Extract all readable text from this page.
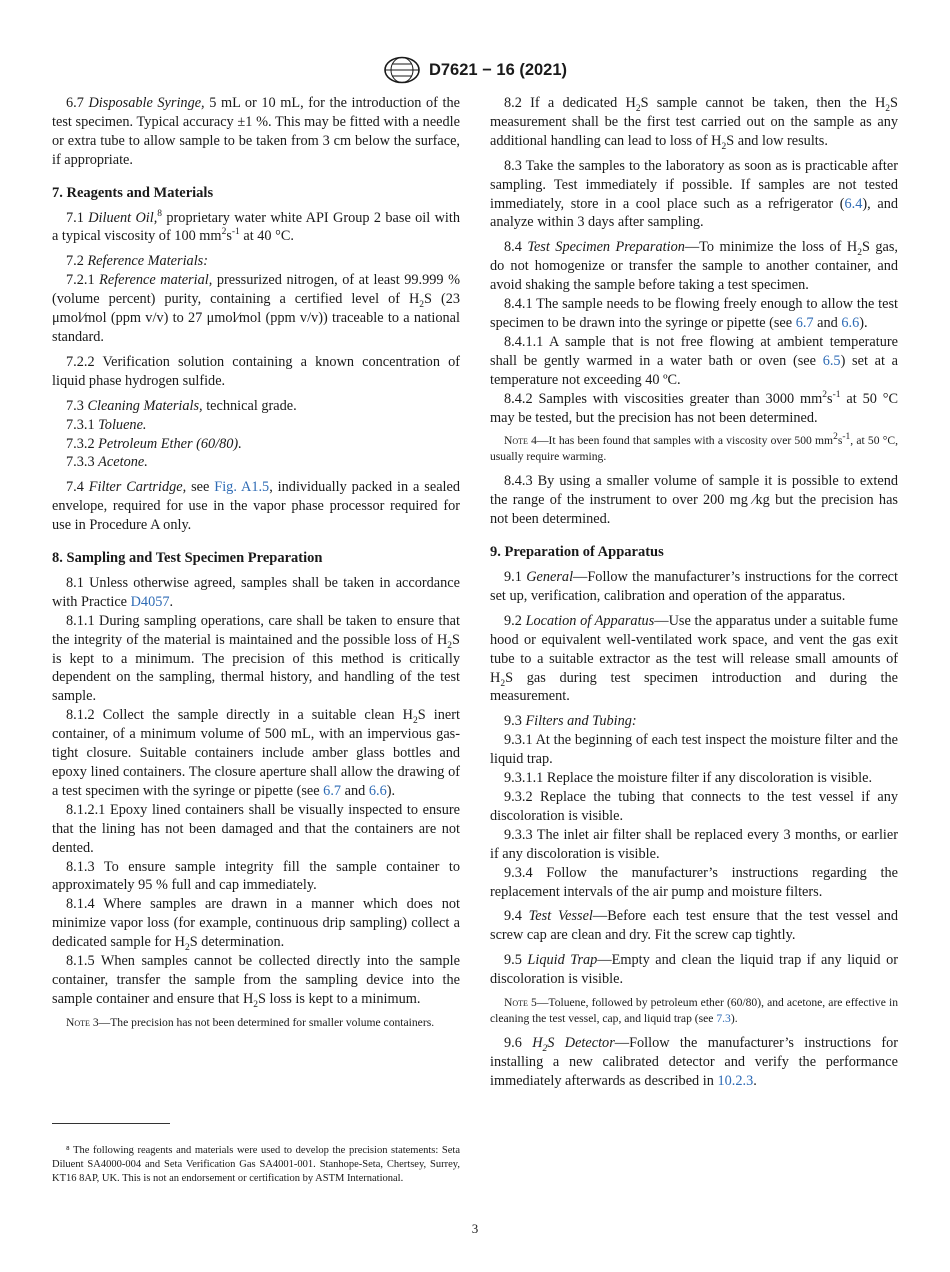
D7621 − 16 (2021)

6.7 Disposable Syringe, 5 mL or 10 mL, for the introduction of the test specimen. Typical accuracy ±1 %. This may be fitted with a needle or extra tube to allow sample to be taken from 3 cm below the surface, if appropriate.

7. Reagents and Materials

7.1 Diluent Oil,$^8$ proprietary water white API Group 2 base oil with a typical viscosity of 100 $mm^2s^{-1}$ at 40 °C.

7.2 Reference Materials:

7.2.1 Reference material, pressurized nitrogen, of at least 99.999 % (volume percent) purity, containing a certified level of $H_2S$ (23 μmol⁄mol (ppm v/v) to 27 μmol⁄mol (ppm v/v)) traceable to a national standard.

7.2.2 Verification solution containing a known concentration of liquid phase hydrogen sulfide.

7.3 Cleaning Materials, technical grade.

7.3.1 Toluene.

7.3.2 Petroleum Ether (60/80).

7.3.3 Acetone.

7.4 Filter Cartridge, see Fig. A1.5, individually packed in a sealed envelope, required for use in the vapor phase processor required for use in Procedure A only.

8. Sampling and Test Specimen Preparation

8.1 Unless otherwise agreed, samples shall be taken in accordance with Practice D4057.

8.1.1 During sampling operations, care shall be taken to ensure that the integrity of the material is maintained and the possible loss of $H_2S$ is kept to a minimum. The precision of this method is critically dependent on the sampling, thermal history, and handling of the test sample.

8.1.2 Collect the sample directly in a suitable clean $H_2S$ inert container, of a minimum volume of 500 mL, with an impervious gas-tight closure. Suitable containers include amber glass bottles and epoxy lined containers. The closure aperture shall allow the drawing of a test specimen with the syringe or pipette (see 6.7 and 6.6).

8.1.2.1 Epoxy lined containers shall be visually inspected to ensure that the lining has not been damaged and that the containers are not dented.

8.1.3 To ensure sample integrity fill the sample container to approximately 95 % full and cap immediately.

8.1.4 Where samples are drawn in a manner which does not minimize vapor loss (for example, continuous drip sampling) collect a dedicated sample for $H_2S$ determination.

8.1.5 When samples cannot be collected directly into the sample container, transfer the sample from the sampling device into the sample container and ensure that $H_2S$ loss is kept to a minimum.

Note 3—The precision has not been determined for smaller volume containers.

⁸ The following reagents and materials were used to develop the precision statements: Seta Diluent SA4000-004 and Seta Verification Gas SA4001-001. Stanhope-Seta, Chertsey, Surrey, KT16 8AP, UK. This is not an endorsement or certification by ASTM International.

8.2 If a dedicated $H_2S$ sample cannot be taken, then the $H_2S$ measurement shall be the first test carried out on the sample as any additional handling can lead to loss of $H_2S$ and low results.

8.3 Take the samples to the laboratory as soon as is practicable after sampling. Test immediately if possible. If samples are not tested immediately, store in a cool place such as a refrigerator (6.4), and analyze within 3 days after sampling.

8.4 Test Specimen Preparation—To minimize the loss of $H_2S$ gas, do not homogenize or transfer the sample to another container, and avoid shaking the sample before taking a test specimen.

8.4.1 The sample needs to be flowing freely enough to allow the test specimen to be drawn into the syringe or pipette (see 6.7 and 6.6).

8.4.1.1 A sample that is not free flowing at ambient temperature shall be gently warmed in a water bath or oven (see 6.5) set at a temperature not exceeding 40 ºC.

8.4.2 Samples with viscosities greater than 3000 $mm^2s^{-1}$ at 50 °C may be tested, but the precision has not been determined.

Note 4—It has been found that samples with a viscosity over 500 $mm^2s^{-1}$, at 50 °C, usually require warming.

8.4.3 By using a smaller volume of sample it is possible to extend the range of the instrument to over 200 mg ⁄kg but the precision has not been determined.

9. Preparation of Apparatus

9.1 General—Follow the manufacturer’s instructions for the correct set up, verification, calibration and operation of the apparatus.

9.2 Location of Apparatus—Use the apparatus under a suitable fume hood or equivalent well-ventilated work space, and vent the gas exit tube to a suitable extractor as the test will release small amounts of $H_2S$ gas during test specimen introduction and during the measurement.

9.3 Filters and Tubing:

9.3.1 At the beginning of each test inspect the moisture filter and the liquid trap.

9.3.1.1 Replace the moisture filter if any discoloration is visible.

9.3.2 Replace the tubing that connects to the test vessel if any discoloration is visible.

9.3.3 The inlet air filter shall be replaced every 3 months, or earlier if any discoloration is visible.

9.3.4 Follow the manufacturer’s instructions regarding the replacement intervals of the air pump and moisture filters.

9.4 Test Vessel—Before each test ensure that the test vessel and screw cap are clean and dry. Fit the screw cap tightly.

9.5 Liquid Trap—Empty and clean the liquid trap if any liquid or discoloration is visible.

Note 5—Toluene, followed by petroleum ether (60/80), and acetone, are effective in cleaning the test vessel, cap, and liquid trap (see 7.3).

9.6 $H_2S$ Detector—Follow the manufacturer’s instructions for installing a new calibrated detector and verify the performance immediately afterwards as described in 10.2.3.

3
